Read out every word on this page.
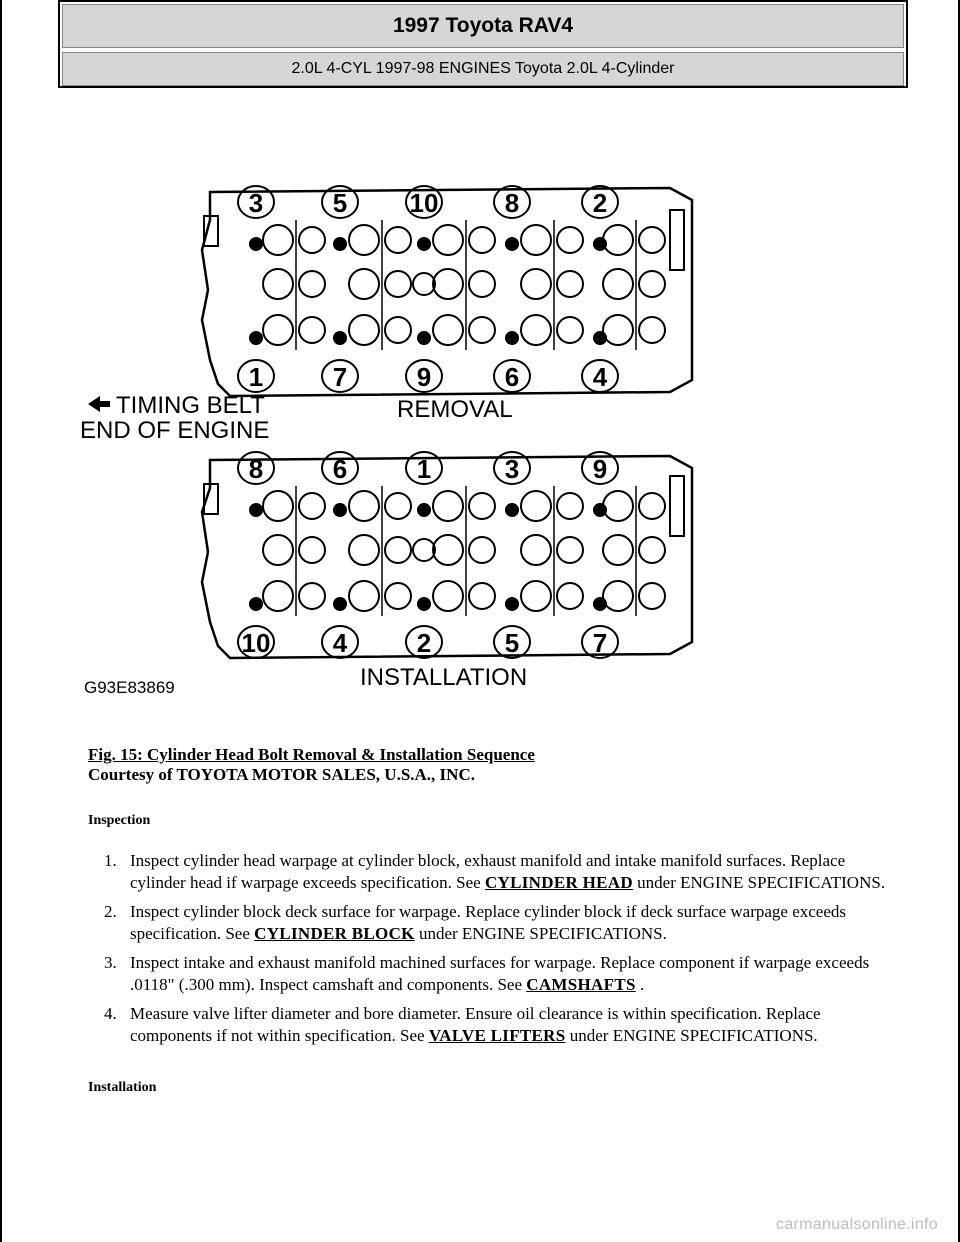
1997 Toyota RAV4
2.0L 4-CYL 1997-98 ENGINES Toyota 2.0L 4-Cylinder
3
1
5
7
10
9
8
6
2
4
8
10
6
4
1
2
3
5
9
7
TIMING BELT
END OF ENGINE
REMOVAL
INSTALLATION
G93E83869
Fig. 15: Cylinder Head Bolt Removal & Installation Sequence
Courtesy of TOYOTA MOTOR SALES, U.S.A., INC.
Inspection
1. Inspect cylinder head warpage at cylinder block, exhaust manifold and intake manifold surfaces. Replace cylinder head if warpage exceeds specification. See CYLINDER HEAD under ENGINE SPECIFICATIONS.
2. Inspect cylinder block deck surface for warpage. Replace cylinder block if deck surface warpage exceeds specification. See CYLINDER BLOCK under ENGINE SPECIFICATIONS.
3. Inspect intake and exhaust manifold machined surfaces for warpage. Replace component if warpage exceeds .0118" (.300 mm). Inspect camshaft and components. See CAMSHAFTS .
4. Measure valve lifter diameter and bore diameter. Ensure oil clearance is within specification. Replace components if not within specification. See VALVE LIFTERS under ENGINE SPECIFICATIONS.
Installation
carmanualsonline.info
